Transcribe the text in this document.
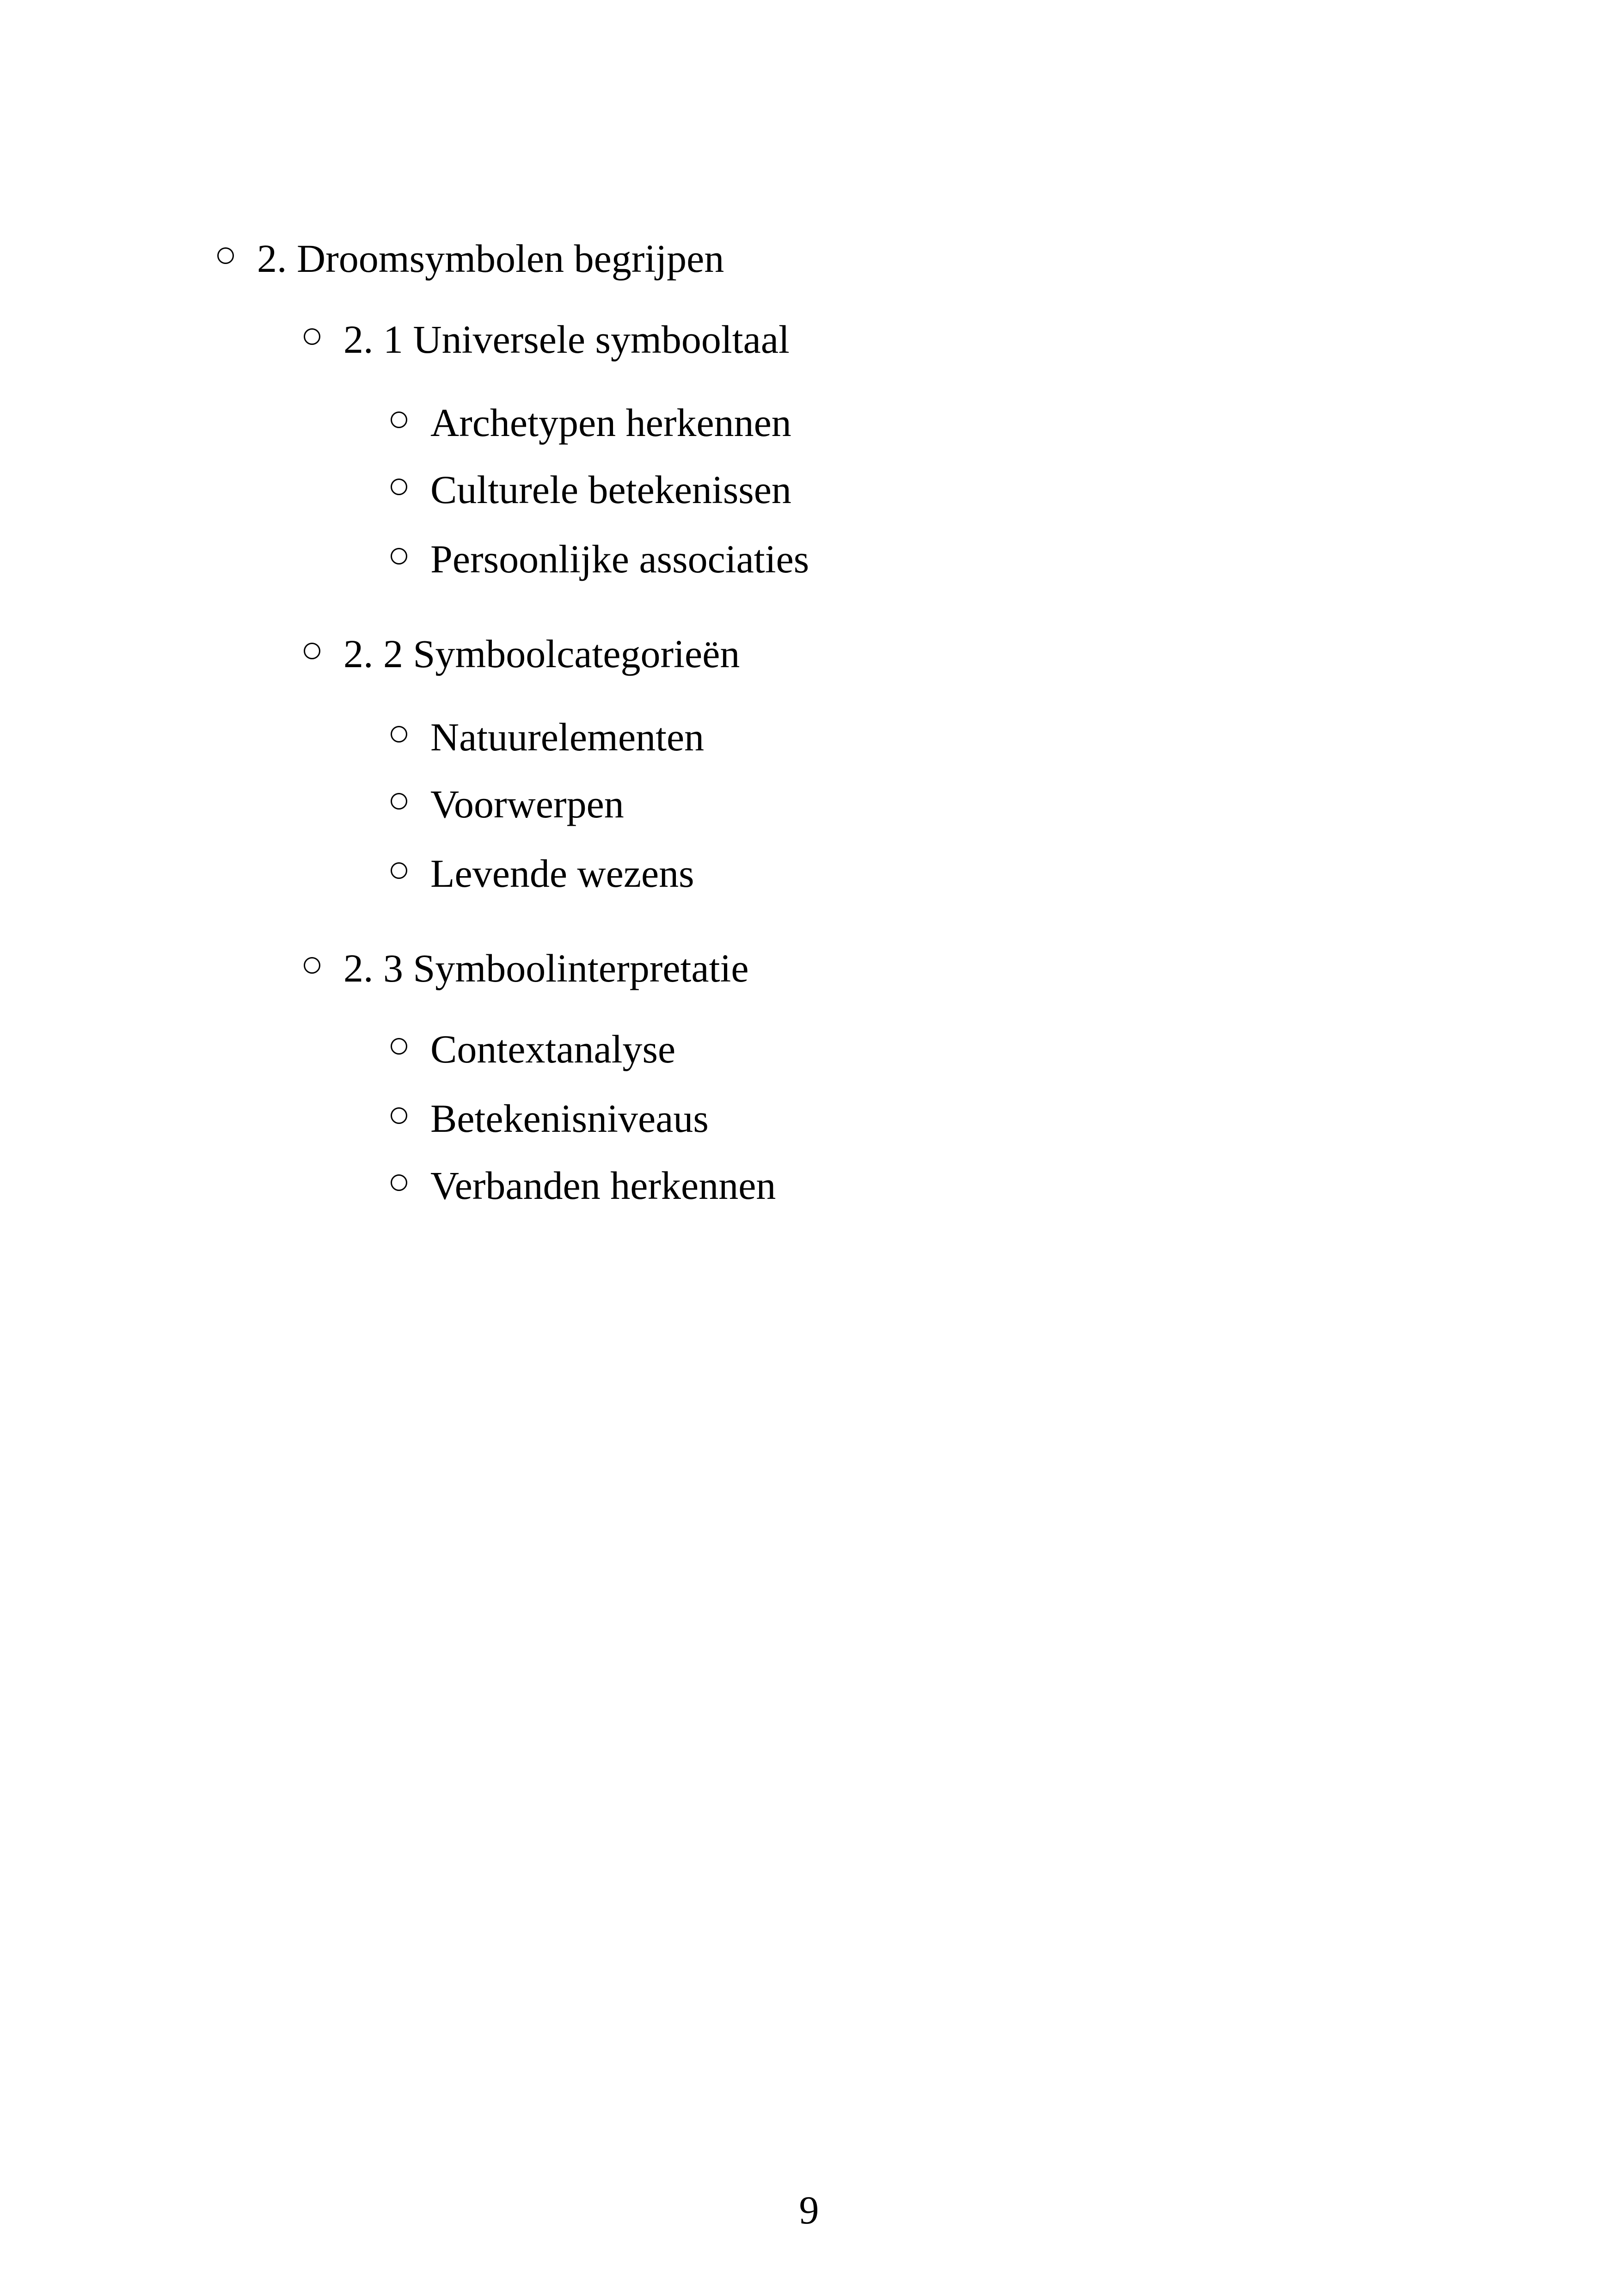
2. Droomsymbolen begrijpen
2. 1 Universele symbooltaal
Archetypen herkennen
Culturele betekenissen
Persoonlijke associaties
2. 2 Symboolcategorieën
Natuurelementen
Voorwerpen
Levende wezens
2. 3 Symboolinterpretatie
Contextanalyse
Betekenisniveaus
Verbanden herkennen
9
